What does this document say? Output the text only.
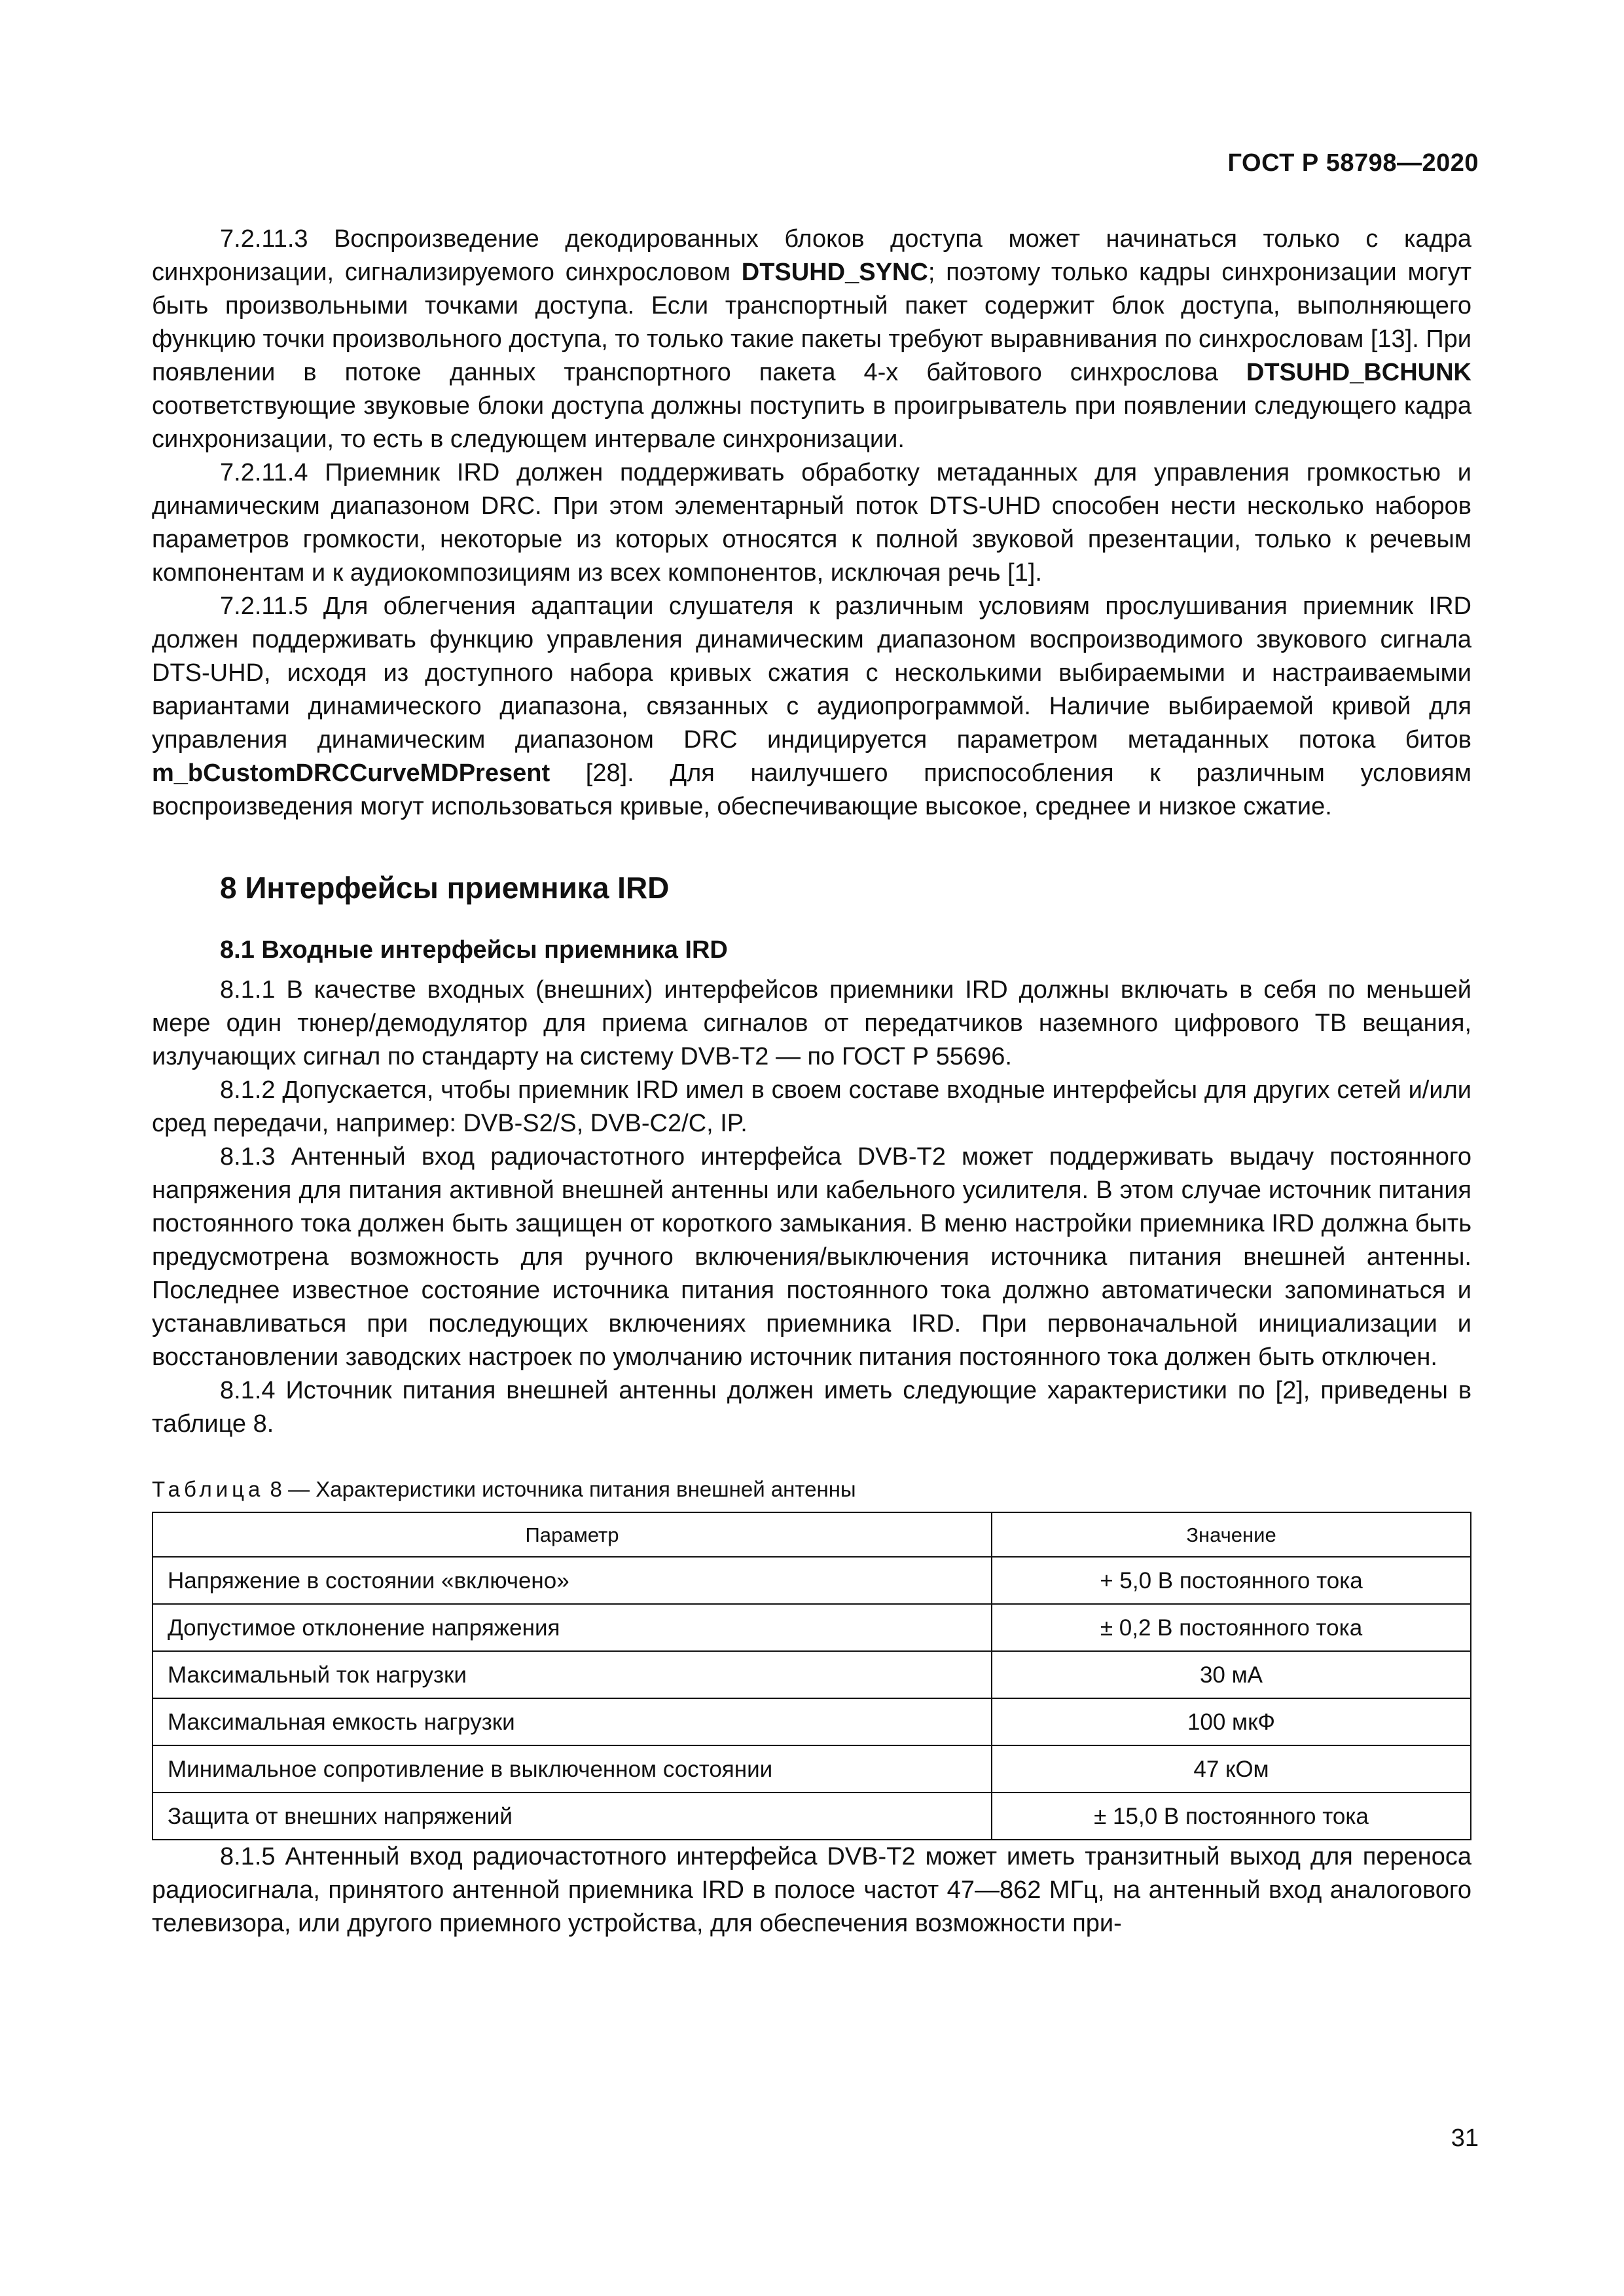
ГОСТ Р 58798—2020

7.2.11.3 Воспроизведение декодированных блоков доступа может начинаться только с кадра синхронизации, сигнализируемого синхрословом DTSUHD_SYNC; поэтому только кадры синхронизации могут быть произвольными точками доступа. Если транспортный пакет содержит блок доступа, выполняющего функцию точки произвольного доступа, то только такие пакеты требуют выравнивания по синхрословам [13]. При появлении в потоке данных транспортного пакета 4-х байтового синхрослова DTSUHD_BCHUNK соответствующие звуковые блоки доступа должны поступить в проигрыватель при появлении следующего кадра синхронизации, то есть в следующем интервале синхронизации.

7.2.11.4 Приемник IRD должен поддерживать обработку метаданных для управления громкостью и динамическим диапазоном DRC. При этом элементарный поток DTS-UHD способен нести несколько наборов параметров громкости, некоторые из которых относятся к полной звуковой презентации, только к речевым компонентам и к аудиокомпозициям из всех компонентов, исключая речь [1].

7.2.11.5 Для облегчения адаптации слушателя к различным условиям прослушивания приемник IRD должен поддерживать функцию управления динамическим диапазоном воспроизводимого звукового сигнала DTS-UHD, исходя из доступного набора кривых сжатия с несколькими выбираемыми и настраиваемыми вариантами динамического диапазона, связанных с аудиопрограммой. Наличие выбираемой кривой для управления динамическим диапазоном DRC индицируется параметром метаданных потока битов m_bCustomDRCCurveMDPresent [28]. Для наилучшего приспособления к различным условиям воспроизведения могут использоваться кривые, обеспечивающие высокое, среднее и низкое сжатие.

8 Интерфейсы приемника IRD
8.1 Входные интерфейсы приемника IRD

8.1.1 В качестве входных (внешних) интерфейсов приемники IRD должны включать в себя по меньшей мере один тюнер/демодулятор для приема сигналов от передатчиков наземного цифрового ТВ вещания, излучающих сигнал по стандарту на систему DVB-T2 — по ГОСТ Р 55696.

8.1.2 Допускается, чтобы приемник IRD имел в своем составе входные интерфейсы для других сетей и/или сред передачи, например: DVB-S2/S, DVB-C2/C, IP.

8.1.3 Антенный вход радиочастотного интерфейса DVB-T2 может поддерживать выдачу постоянного напряжения для питания активной внешней антенны или кабельного усилителя. В этом случае источник питания постоянного тока должен быть защищен от короткого замыкания. В меню настройки приемника IRD должна быть предусмотрена возможность для ручного включения/выключения источника питания внешней антенны. Последнее известное состояние источника питания постоянного тока должно автоматически запоминаться и устанавливаться при последующих включениях приемника IRD. При первоначальной инициализации и восстановлении заводских настроек по умолчанию источник питания постоянного тока должен быть отключен.

8.1.4 Источник питания внешней антенны должен иметь следующие характеристики по [2], приведены в таблице 8.

Таблица 8 — Характеристики источника питания внешней антенны
Параметр	Значение
Напряжение в состоянии «включено»	+ 5,0 В постоянного тока
Допустимое отклонение напряжения	± 0,2 В постоянного тока
Максимальный ток нагрузки	30 мА
Максимальная емкость нагрузки	100 мкФ
Минимальное сопротивление в выключенном состоянии	47 кОм
Защита от внешних напряжений	± 15,0 В постоянного тока

8.1.5 Антенный вход радиочастотного интерфейса DVB-T2 может иметь транзитный выход для переноса радиосигнала, принятого антенной приемника IRD в полосе частот 47—862 МГц, на антенный вход аналогового телевизора, или другого приемного устройства, для обеспечения возможности при-

31
